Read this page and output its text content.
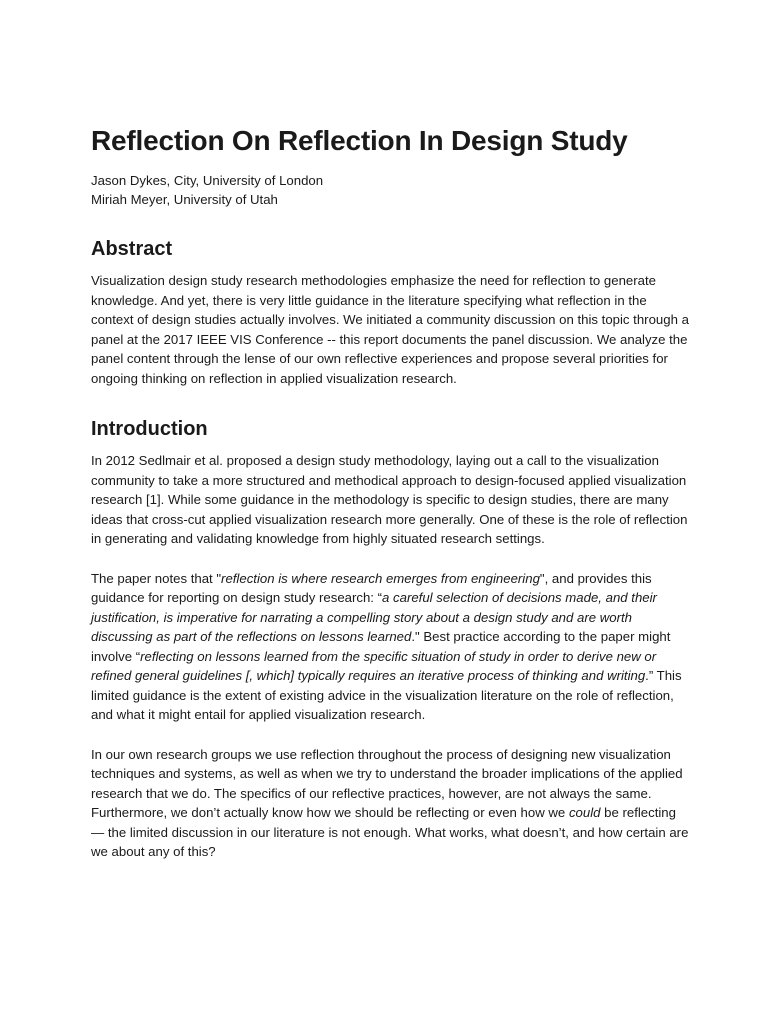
Reflection On Reflection In Design Study

Jason Dykes, City, University of London

Miriah Meyer, University of Utah

Abstract

Visualization design study research methodologies emphasize the need for reflection to generate knowledge. And yet, there is very little guidance in the literature specifying what reflection in the context of design studies actually involves. We initiated a community discussion on this topic through a panel at the 2017 IEEE VIS Conference -- this report documents the panel discussion. We analyze the panel content through the lense of our own reflective experiences and propose several priorities for ongoing thinking on reflection in applied visualization research.

Introduction

In 2012 Sedlmair et al. proposed a design study methodology, laying out a call to the visualization community to take a more structured and methodical approach to design-focused applied visualization research [1]. While some guidance in the methodology is specific to design studies, there are many ideas that cross-cut applied visualization research more generally. One of these is the role of reflection in generating and validating knowledge from highly situated research settings.

The paper notes that "reflection is where research emerges from engineering", and provides this guidance for reporting on design study research: “a careful selection of decisions made, and their justification, is imperative for narrating a compelling story about a design study and are worth discussing as part of the reflections on lessons learned." Best practice according to the paper might involve “reflecting on lessons learned from the specific situation of study in order to derive new or refined general guidelines [, which] typically requires an iterative process of thinking and writing.” This limited guidance is the extent of existing advice in the visualization literature on the role of reflection, and what it might entail for applied visualization research.

In our own research groups we use reflection throughout the process of designing new visualization techniques and systems, as well as when we try to understand the broader implications of the applied research that we do. The specifics of our reflective practices, however, are not always the same. Furthermore, we don’t actually know how we should be reflecting or even how we could be reflecting — the limited discussion in our literature is not enough. What works, what doesn’t, and how certain are we about any of this?
